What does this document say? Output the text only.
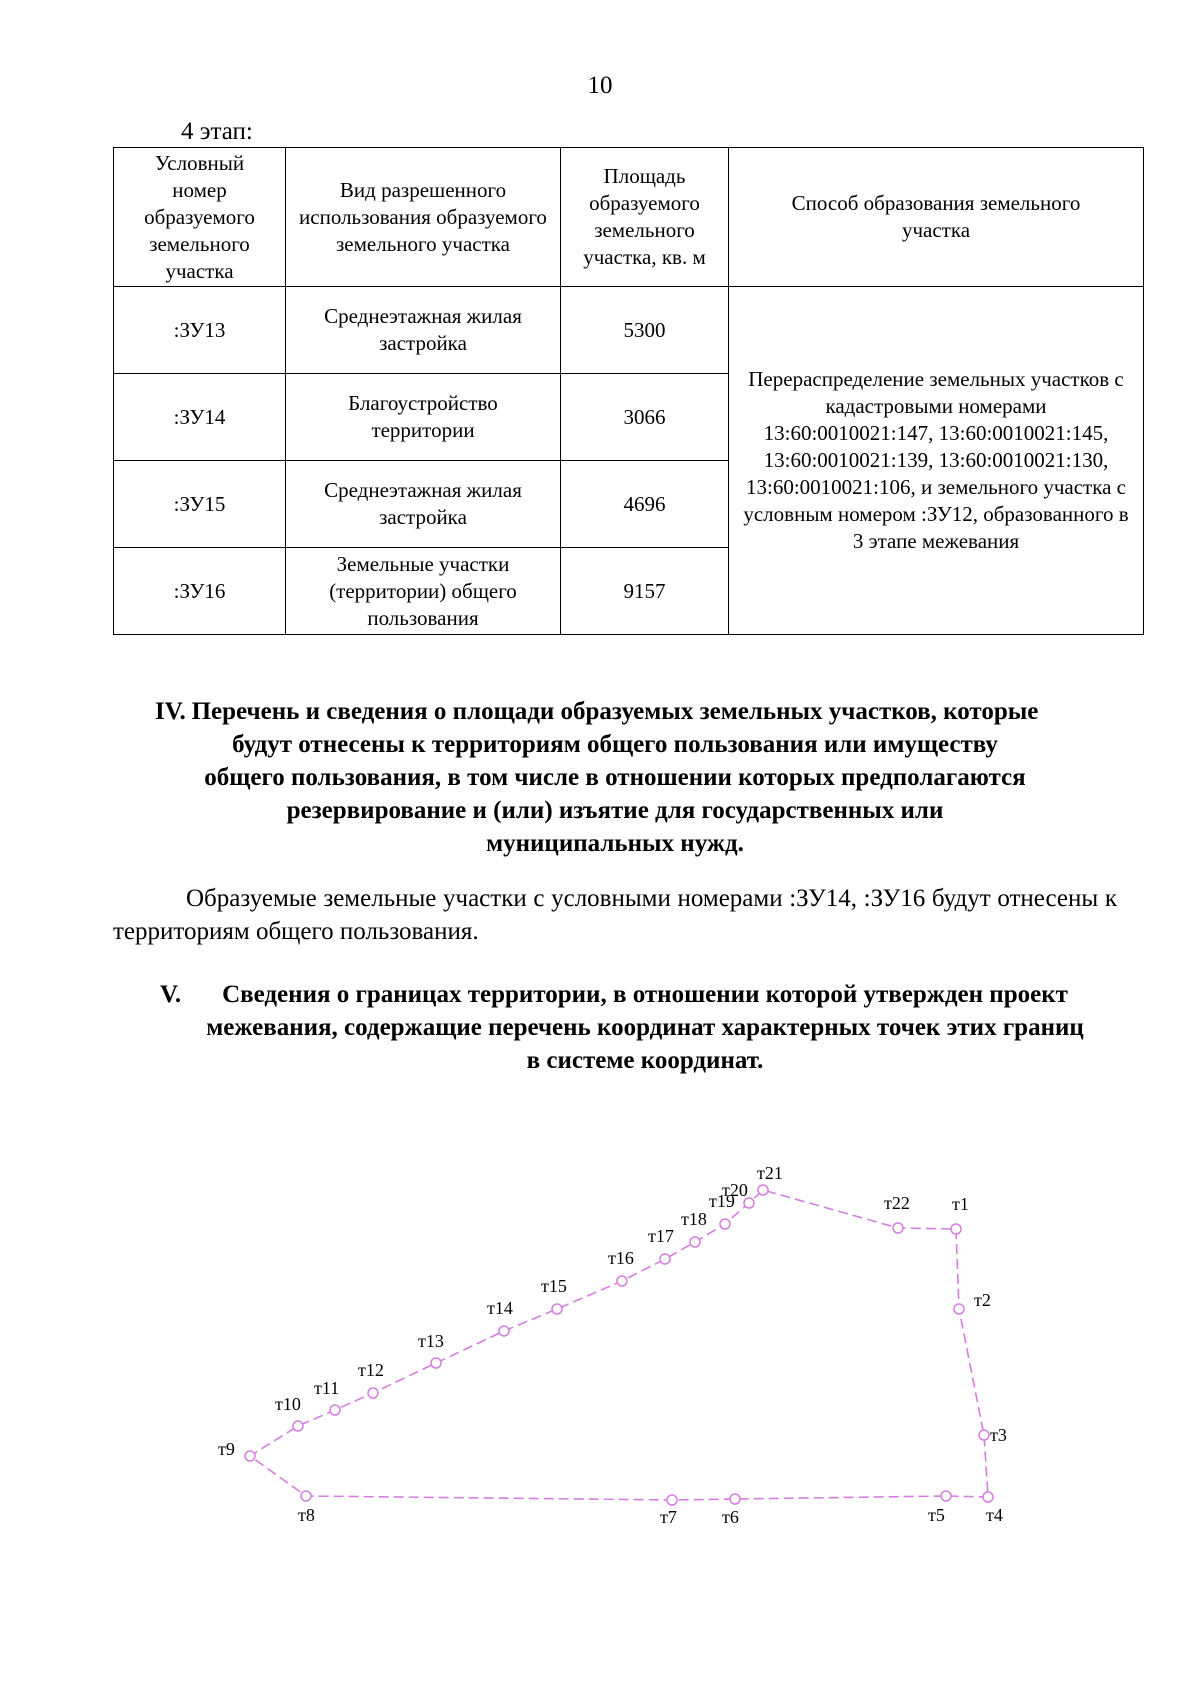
10
4 этап:
Условный номер образуемого земельного участка	Вид разрешенного использования образуемого земельного участка	Площадь образуемого земельного участка, кв. м	Способ образования земельного участка
:ЗУ13	Среднеэтажная жилая застройка	5300	Перераспределение земельных участков с кадастровыми номерами 13:60:0010021:147, 13:60:0010021:145, 13:60:0010021:139, 13:60:0010021:130, 13:60:0010021:106, и земельного участка с условным номером :ЗУ12, образованного в 3 этапе межевания
:ЗУ14	Благоустройство территории	3066	
:ЗУ15	Среднеэтажная жилая застройка	4696	
:ЗУ16	Земельные участки (территории) общего пользования	9157	
IV. Перечень и сведения о площади образуемых земельных участков, которые будут отнесены к территориям общего пользования или имуществу общего пользования, в том числе в отношении которых предполагаются резервирование и (или) изъятие для государственных или муниципальных нужд.
Образуемые земельные участки с условными номерами :ЗУ14, :ЗУ16 будут отнесены к территориям общего пользования.
V.	Сведения о границах территории, в отношении которой утвержден проект межевания, содержащие перечень координат характерных точек этих границ в системе координат.
т1
т2
т3
т4
т5
т6
т7
т8
т9
т10
т11
т12
т13
т14
т15
т16
т17
т18
т19
т20
т21
т22
